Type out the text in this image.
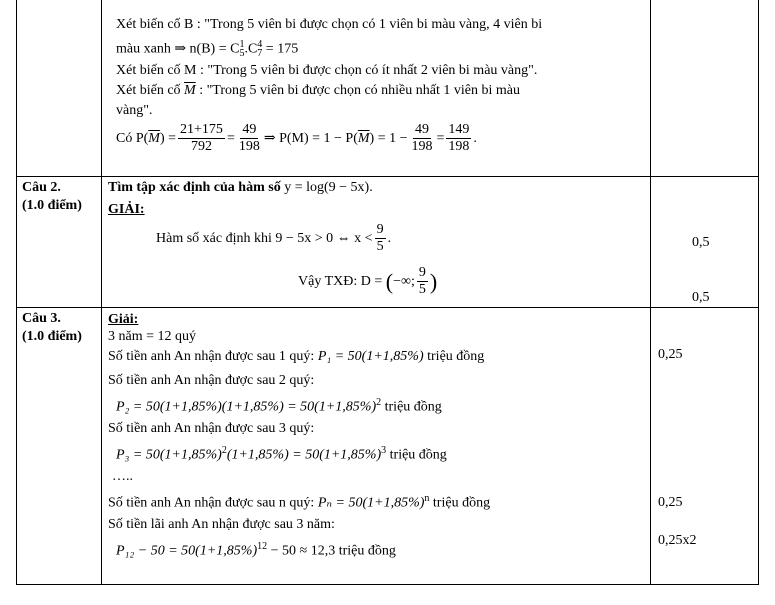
Xét biến cố B : "Trong 5 viên bi được chọn có 1 viên bi màu vàng, 4 viên bi
màu xanh ⇒ $n(B) = C^1_5.C^4_7 = 175$
Xét biến cố M : "Trong 5 viên bi được chọn có ít nhất 2 viên bi màu vàng".
Xét biến cố $\overline{M}$ : "Trong 5 viên bi được chọn có nhiều nhất 1 viên bi màu
vàng".
Có
P( $\overline{M}$ ) = $\frac{21+175}{792} = \frac{49}{198}$ ⇒ P(M) = 1 − P( $\overline{M}$ ) = $1 - \frac{49}{198} = \frac{149}{198}$ .
Câu 2.
(1.0 điểm)
Tìm tập xác định của hàm số y = log(9 − 5x).
GIẢI:
Hàm số xác định khi 9 − 5x > 0 ⇔ $x < \frac{9}{5}$ .
Vậy TXĐ: D =
( −∞; $\frac{9}{5}$ )
0,5
0,5
Câu 3.
(1.0 điểm)
Giải:
3 năm = 12 quý
Số tiền anh An nhận được sau 1 quý: P₁ = 50(1+1,85%) triệu đồng
Số tiền anh An nhận được sau 2 quý:
$P_2 = 50(1+1,85\%)(1+1,85\%) = 50(1+1,85\%)^2$ triệu đồng
Số tiền anh An nhận được sau 3 quý:
$P_3 = 50(1+1,85\%)^2(1+1,85\%) = 50(1+1,85\%)^3$ triệu đồng
…..
Số tiền anh An nhận được sau n quý: $P_n = 50(1+1,85\%)^n$ triệu đồng
Số tiền lãi anh An nhận được sau 3 năm:
$P_{12} - 50 = 50(1+1,85\%)^{12} - 50 \approx 12,3$ triệu đồng
0,25
0,25
0,25x2
